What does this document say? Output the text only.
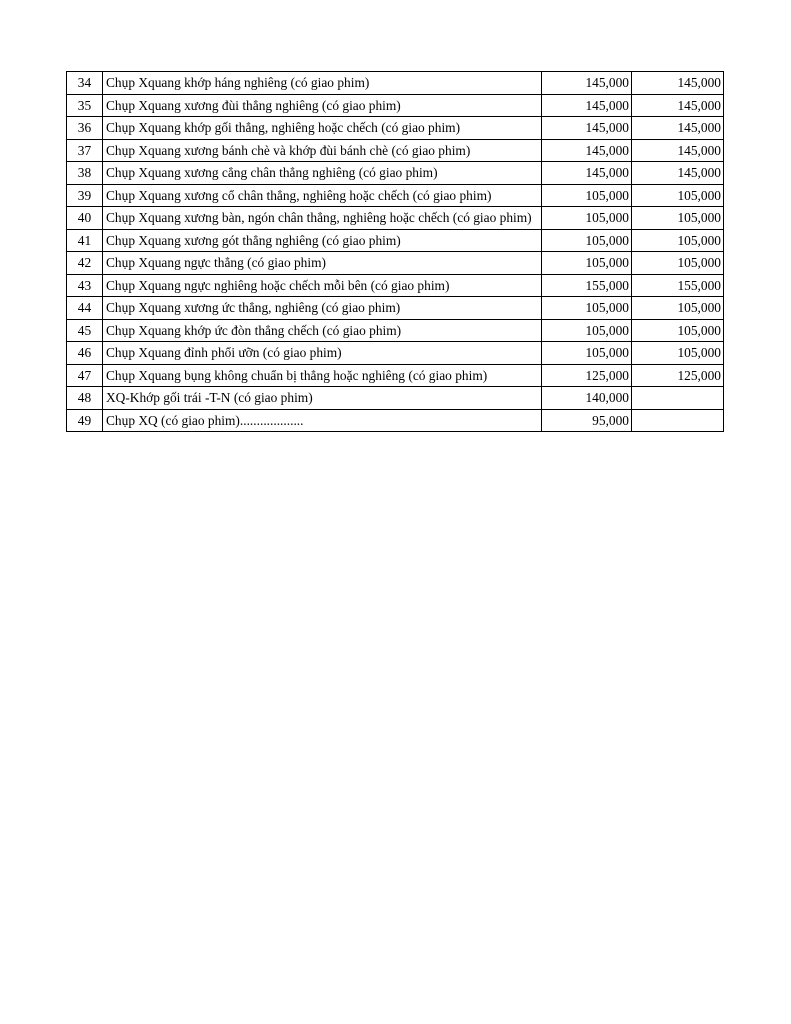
34	Chụp Xquang khớp háng nghiêng (có giao phim)	145,000	145,000
35	Chụp Xquang xương đùi thẳng nghiêng (có giao phim)	145,000	145,000
36	Chụp Xquang khớp gối thẳng, nghiêng hoặc chếch (có giao phim)	145,000	145,000
37	Chụp Xquang xương bánh chè và khớp đùi bánh chè (có giao phim)	145,000	145,000
38	Chụp Xquang xương cẳng chân thẳng nghiêng (có giao phim)	145,000	145,000
39	Chụp Xquang xương cổ chân thẳng, nghiêng hoặc chếch (có giao phim)	105,000	105,000
40	Chụp Xquang xương bàn, ngón chân thẳng, nghiêng hoặc chếch (có giao phim)	105,000	105,000
41	Chụp Xquang xương gót thẳng nghiêng (có giao phim)	105,000	105,000
42	Chụp Xquang ngực thẳng (có giao phim)	105,000	105,000
43	Chụp Xquang ngực nghiêng hoặc chếch mỗi bên (có giao phim)	155,000	155,000
44	Chụp Xquang xương ức thẳng, nghiêng (có giao phim)	105,000	105,000
45	Chụp Xquang khớp ức đòn thẳng chếch (có giao phim)	105,000	105,000
46	Chụp Xquang đỉnh phổi ưỡn (có giao phim)	105,000	105,000
47	Chụp Xquang bụng không chuẩn bị thẳng hoặc nghiêng (có giao phim)	125,000	125,000
48	XQ-Khớp gối trái -T-N (có giao phim)	140,000	
49	Chụp XQ (có giao phim)...................	95,000	
